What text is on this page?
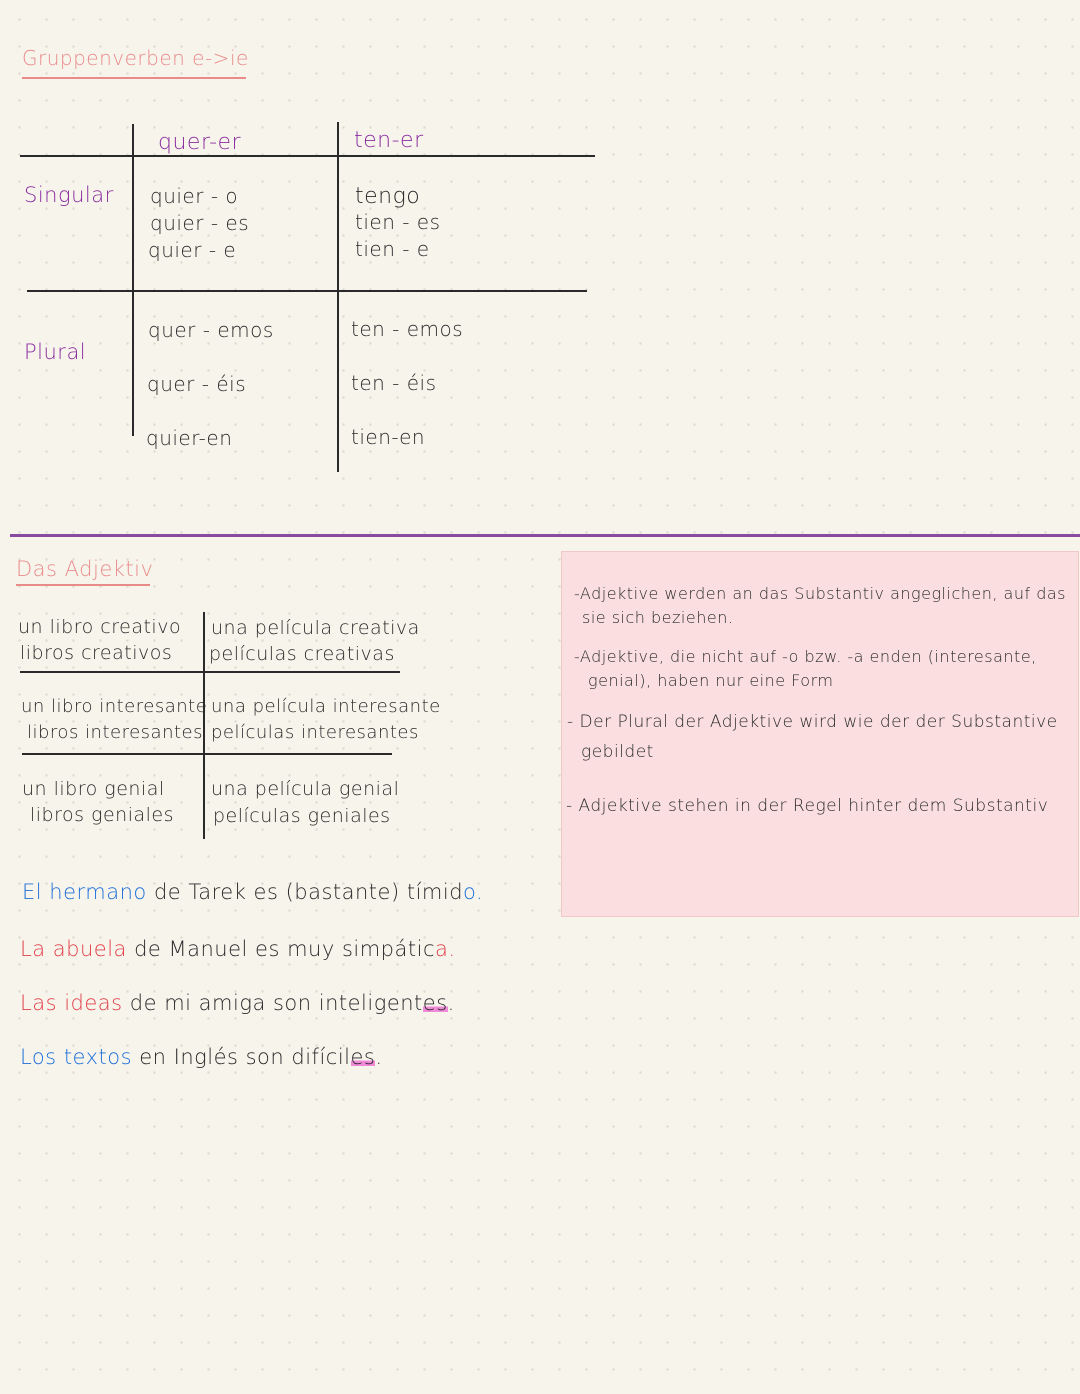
Gruppenverben e->ie
quer-er	ten-er
Singular
Plural
quier - o
quier - es
quier - e
tengo
tien - es
tien - e
quer - emos
quer - éis
quier-en
ten - emos
ten - éis
tien-en
Das Adjektiv
un libro creativo
libros creativos
una película creativa
películas creativas
un libro interesante
libros interesantes
una película interesante
películas interesantes
un libro genial
libros geniales
una película genial
películas geniales
El hermano de Tarek es (bastante) tímido.
La abuela de Manuel es muy simpática.
Las ideas de mi amiga son inteligentes.
Los textos en Inglés son difíciles.
-Adjektive werden an das Substantiv angeglichen, auf das
sie sich beziehen.
-Adjektive, die nicht auf -o bzw. -a enden (interesante,
genial), haben nur eine Form
- Der Plural der Adjektive wird wie der der Substantive
gebildet
- Adjektive stehen in der Regel hinter dem Substantiv
